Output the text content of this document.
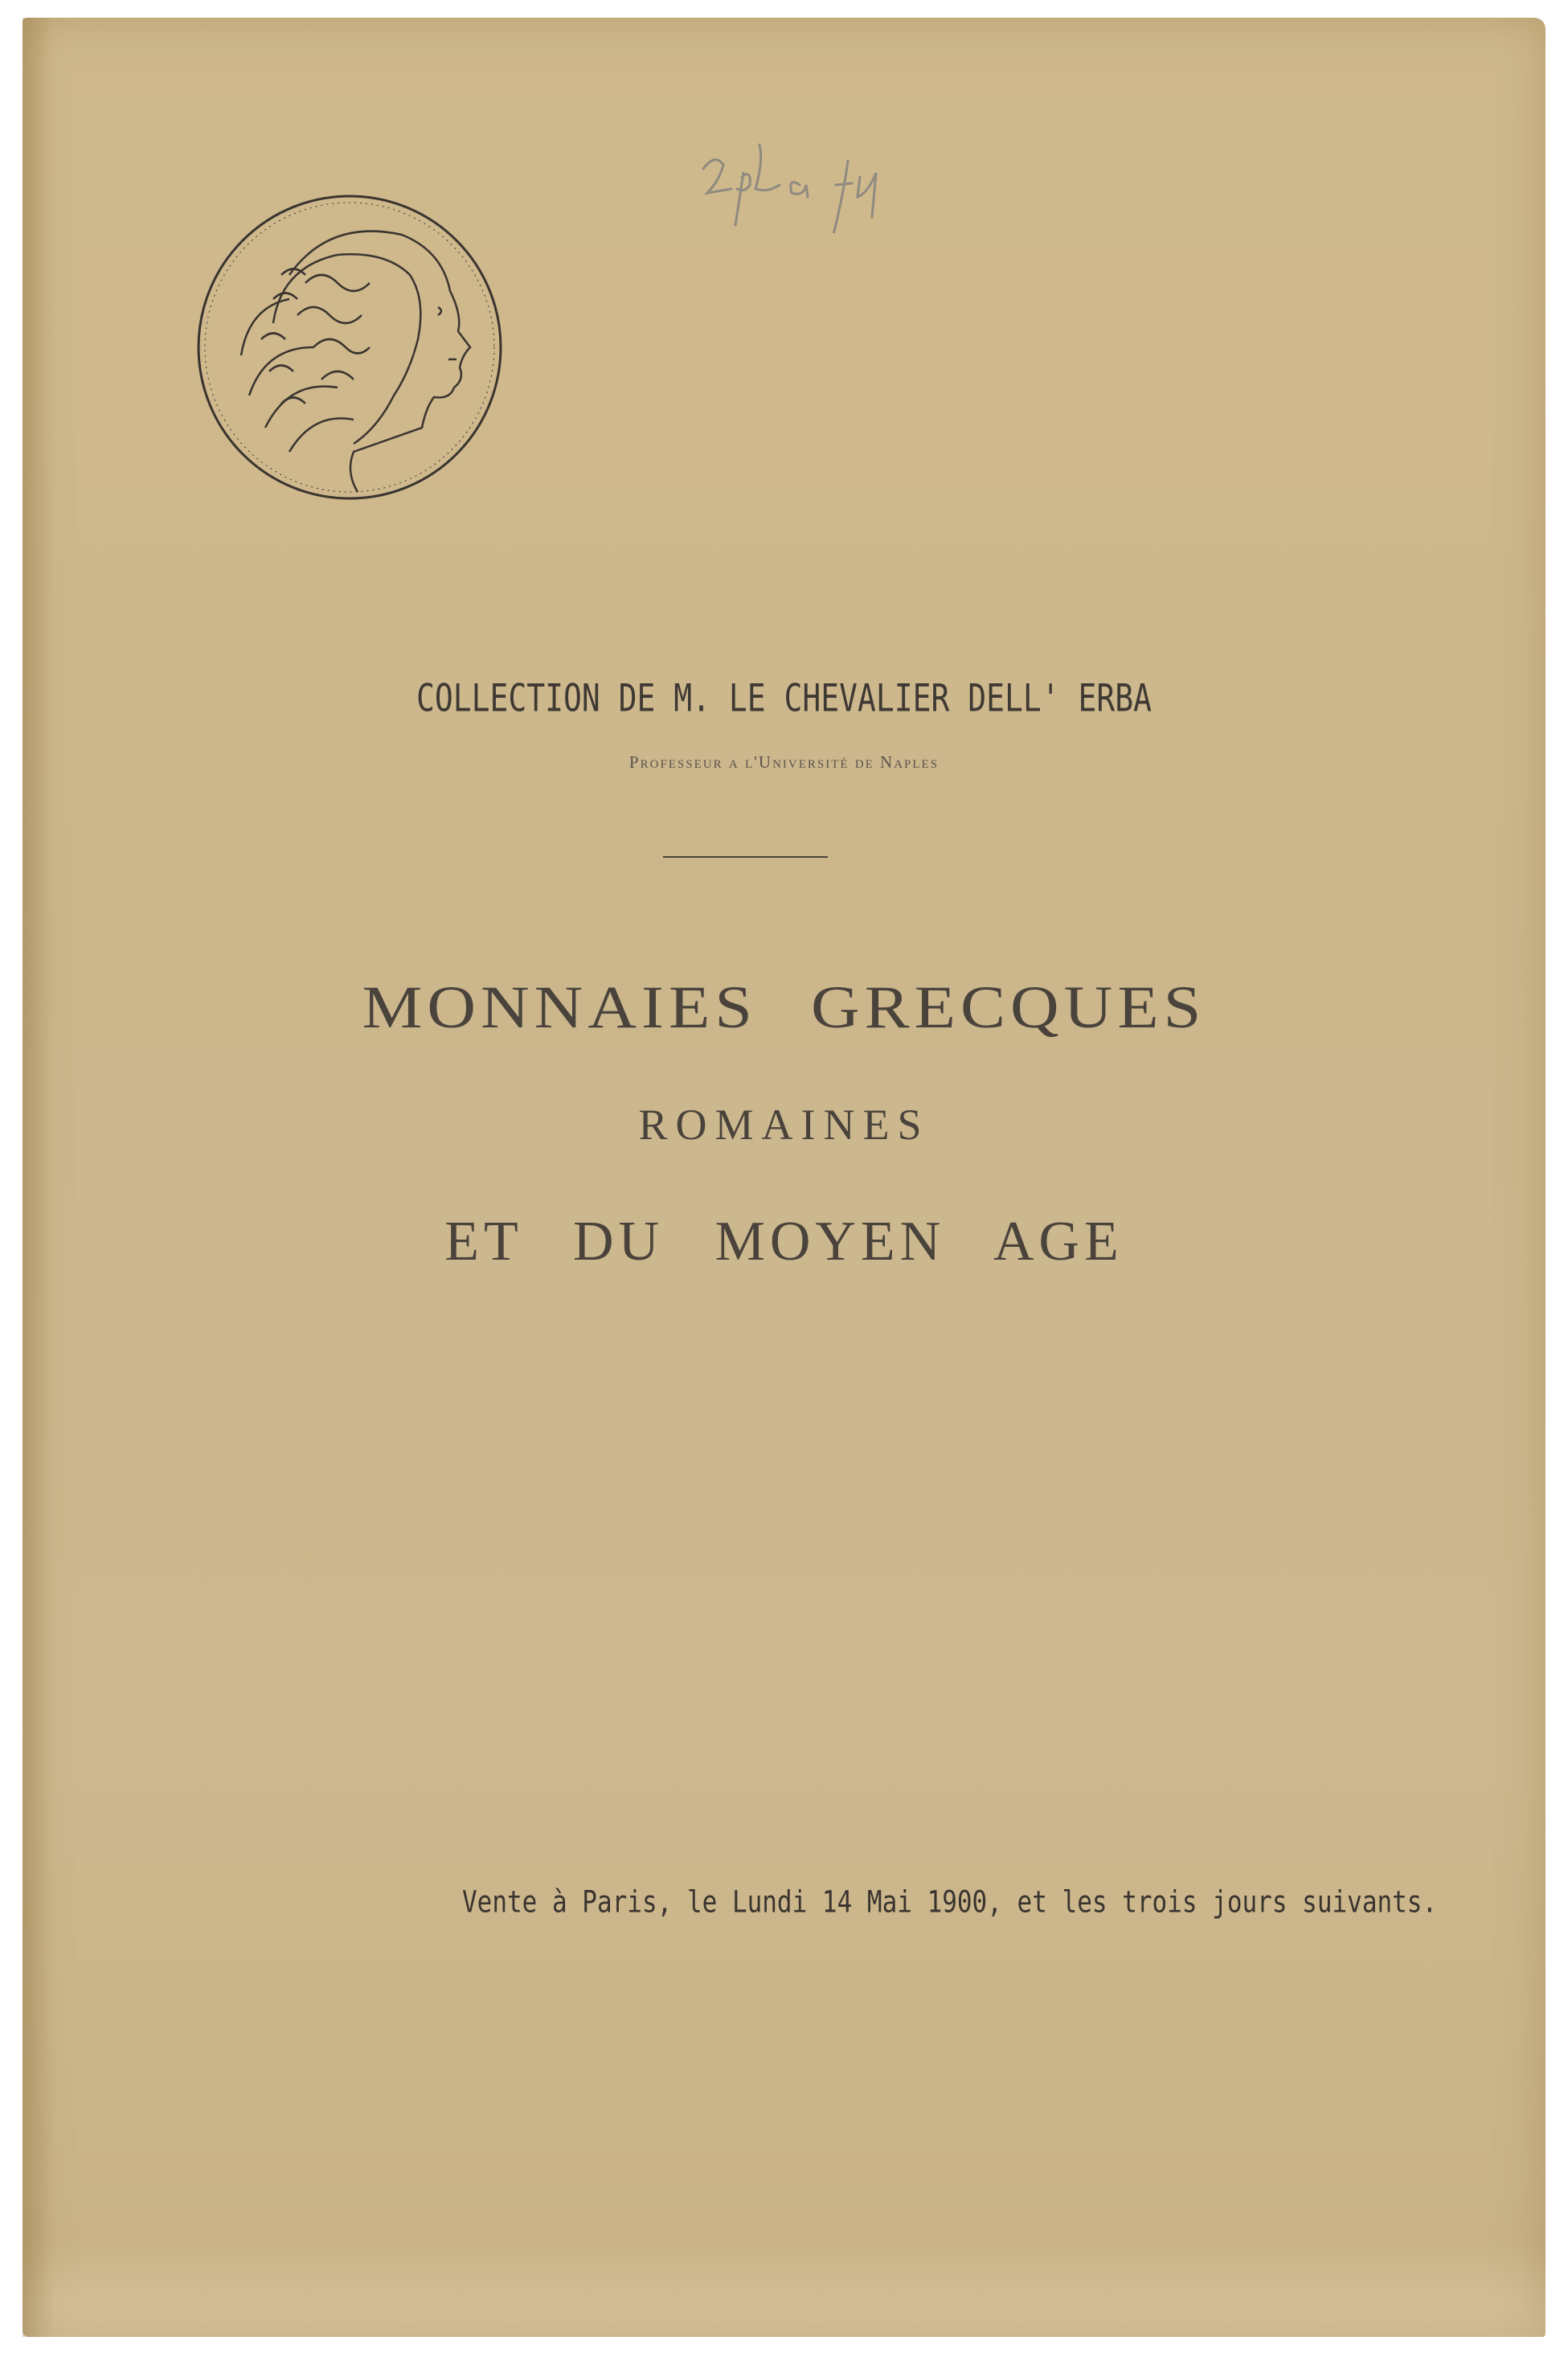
COLLECTION DE M. LE CHEVALIER DELL' ERBA
Professeur a l'Université de Naples
MONNAIES GRECQUES
ROMAINES
ET DU MOYEN AGE
Vente à Paris, le Lundi 14 Mai 1900, et les trois jours suivants.
